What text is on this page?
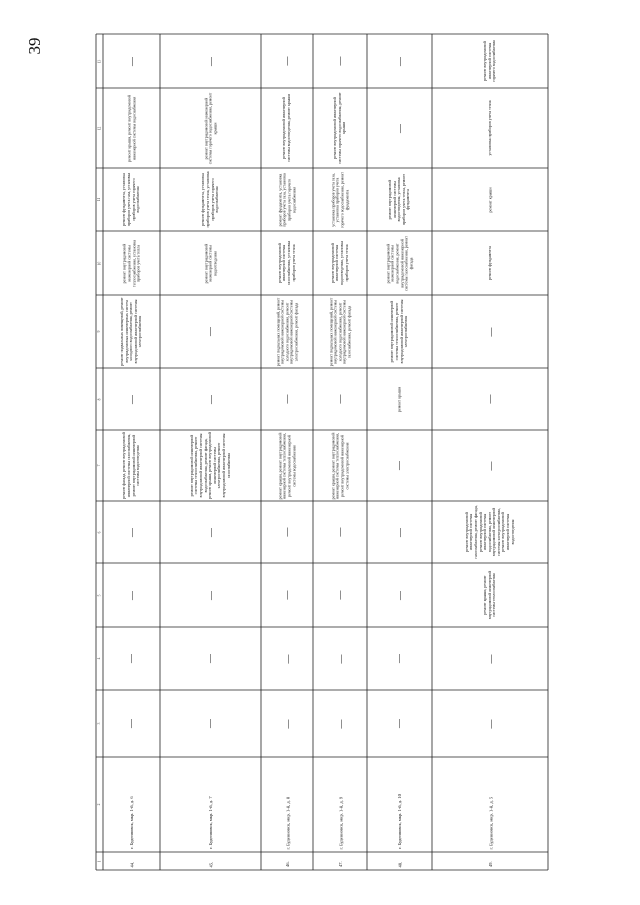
39
1
2
3
4
5
6
7
8
9
10
11
12
13
44.
г. Буденновск, мкр. 1-й, д. 6
—
—
—
—
ремонт фасада, ремонт внутридомовой инженерной системы газоснабжения, ремонт внутридомовой инженерной системы водоотведения
—
ремонт подвальных помещений, ремонт внутридомовых инженерных систем холодного водоснабжения, ремонт внутридомовой инженерной системы электроснабжения
ремонт внутридомовой инженерной системы теплоснабжения, установка приборов учета тепла
ремонт фундамента, установка приборов учета газа, установка приборов учета горячего водоснабжения
ремонт крыши, ремонт внутридомовой инженерной системы водоснабжения
—
45.
г. Буденновск, мкр. 1-й, д. 7
—
—
—
—
ремонт внутридомовой инженерной системы теплоснабжения, ремонт внутридомовой инженерной системы водоснабжения, ремонт фасада, ремонт крыши, ремонт внутридомовой инженерной системы электроснабжения, ремонт внутридомовой инженерной системы газоснабжения
—
—
ремонт внутридомовой инженерной системы водоотведения
ремонт фундамента, установка приборов учета тепла, установка приборов учета горячего водоснабжения
ремонт внутридомовой инженерной системы горячего водоснабжения, ремонт крыши
—
46.
г. Буденновск, мкр. 1-й, д. 8
—
—
—
—
ремонт крыши, ремонт внутридомовой инженерной системы теплоснабжения, ремонт внутридомовой инженерной системы водоснабжения
—
ремонт подвальных помещений, ремонт внутридомовой инженерной системы холодного водоснабжения, ремонт внутридомовой инженерной системы электроснабжения, ремонт фасада
ремонт внутридомовой инженерной системы газоснабжения, установка приборов учета тепла
ремонт фундамента, установка приборов учета газа, установка приборов учета горячего водоснабжения
ремонт внутридомовой инженерной системы водоотведения, ремонт крыши
—
47.
г. Буденновск, мкр. 1-й, д. 9
—
—
—
—
ремонт крыши, ремонт внутридомовой инженерной системы теплоснабжения, ремонт внутридомовой инженерной системы электроснабжения
—
ремонт подвальных помещений, ремонт внутридомовой инженерной системы холодного водоснабжения, ремонт внутридомовой инженерной системы газоснабжения, ремонт фасада
ремонт внутридомовой инженерной системы водоотведения, установка приборов учета тепла
установка приборов учета газа, установка приборов учета горячего водоснабжения, ремонт фундамента
ремонт внутридомовой инженерной системы горячего водоснабжения, ремонт крыши
—
48.
г. Буденновск, мкр. 1-й, д. 10
—
—
—
—
—
ремонт крыши
ремонт внутридомовой инженерной системы теплоснабжения, ремонт внутридомовой инженерной системы электроснабжения
ремонт внутридомовой инженерной системы водоснабжения, ремонт внутридомовой инженерной системы газоснабжения, ремонт фасада
ремонт внутридомовой инженерной системы водоотведения, установка приборов учета тепла, ремонт фундамента
—
—
49.
г. Буденновск, мкр. 1-й, д. 5
—
—
ремонт крыши, ремонт внутридомовой инженерной системы теплоснабжения
ремонт внутридомовой инженерной системы газоснабжения, ремонт фасада, ремонт внутридомовой инженерной системы водоснабжения, ремонт внутридомовой инженерной системы электроснабжения, ремонт внутридомовой инженерной системы водоотведения
—
—
—
ремонт фундамента
ремонт крыши
установка приборов учета тепла
ремонт внутридомовой инженерной системы горячего водоснабжения
